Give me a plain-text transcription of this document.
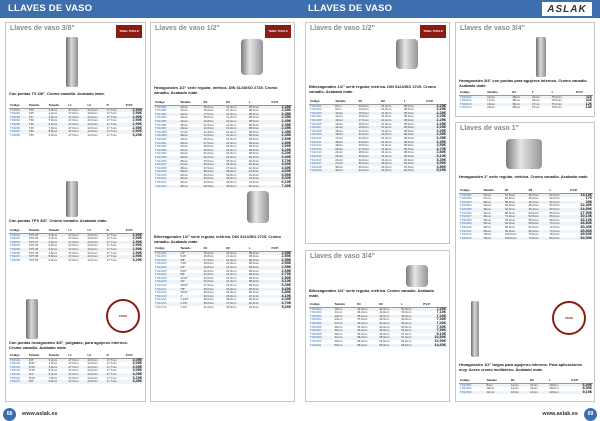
LLAVES DE VASO
Llaves de vaso 3/8"	TENG TOOLS
Con puntas TX 3/8". Cromo vanadio. Acabado mate.
Código	Tamaño	Tamaño	L1	L2	D	P.V.P.
TN3081	T20	3,9mm	47,0mm	22,0mm	17,7mm	2,90€
TN3082	T25	4,4mm	47,0mm	22,0mm	17,7mm	2,90€
TN3083	T27	4,9mm	47,0mm	22,0mm	17,7mm	2,90€
TN3084	T30	5,5mm	47,0mm	22,0mm	17,7mm	2,90€
TN3085	T40	6,6mm	47,0mm	22,0mm	17,7mm	2,90€
TN3086	T45	7,8mm	47,0mm	22,0mm	17,7mm	2,90€
TN3087	T50	8,8mm	47,0mm	22,0mm	17,7mm	2,90€
TN3088	T55	9,9mm	47,0mm	22,0mm	17,7mm	3,20€
Con puntas TPX 3/8". Cromo vanadio. Acabado mate.
Código	Tamaño	Tamaño	L1	L2	D	P.V.P.
TN3091	TPX 20	3,9mm	47,0mm	22,0mm	17,7mm	2,90€
TN3092	TPX 25	4,4mm	47,0mm	22,0mm	17,7mm	2,90€
TN3093	TPX 27	4,9mm	47,0mm	22,0mm	17,7mm	2,90€
TN3094	TPX 30	5,5mm	47,0mm	22,0mm	17,7mm	2,90€
TN3095	TPX 40	6,6mm	47,0mm	22,0mm	17,7mm	2,90€
TN3096	TPX 45	7,8mm	47,0mm	22,0mm	17,7mm	2,90€
TN3097	TPX 50	8,8mm	47,0mm	22,0mm	17,7mm	2,90€
TN3098	TPX 55	9,9mm	47,0mm	22,0mm	17,7mm	3,20€
TENG
Con puntas hexagonales 3/8", pulgadas, para agujeros internos. Cromo vanadio. Acabado mate.
Código	Tamaño	Tamaño	L1	L2	D	P.V.P.
TN3101	1/8"	3,2mm	47,0mm	22,0mm	17,7mm	3,05€
TN3102	5/32"	4,0mm	47,0mm	22,0mm	17,7mm	3,05€
TN3103	3/16"	4,8mm	47,0mm	22,0mm	17,7mm	3,05€
TN3104	7/32"	5,6mm	47,0mm	22,0mm	17,7mm	3,05€
TN3105	1/4"	6,4mm	47,0mm	22,0mm	17,7mm	3,05€
TN3106	5/16"	7,9mm	47,0mm	22,0mm	17,7mm	3,20€
TN3107	3/8"	9,5mm	47,0mm	22,0mm	17,7mm	3,45€
Llaves de vaso 1/2"	TENG TOOLS
Hexagonales 1/2" serie regular, métrica. DIN 3124/ISO 2725. Cromo vanadio. Acabado mate.
Código	Tamaño	D1	D2	L	P.V.P.
TN12081	10mm	15,0mm	21,0mm	38,0mm	2,35€
TN12082	11mm	16,0mm	21,0mm	38,0mm	2,35€
TN12083	12mm	17,0mm	21,0mm	38,0mm	2,35€
TN12084	13mm	18,0mm	21,0mm	38,0mm	2,35€
TN12085	14mm	19,8mm	21,0mm	38,0mm	2,35€
TN12086	15mm	21,0mm	21,0mm	38,0mm	2,35€
TN12087	16mm	22,0mm	21,0mm	38,0mm	2,45€
TN12088	17mm	23,4mm	21,0mm	38,0mm	2,45€
TN12089	18mm	24,0mm	21,0mm	38,0mm	2,45€
TN12090	19mm	26,0mm	21,0mm	38,0mm	2,60€
TN12091	20mm	27,0mm	21,0mm	38,0mm	2,80€
TN12092	21mm	28,0mm	24,0mm	38,0mm	2,90€
TN12093	22mm	30,0mm	24,0mm	38,0mm	3,20€
TN12094	23mm	31,0mm	24,0mm	38,0mm	3,20€
TN12095	24mm	32,0mm	24,0mm	40,0mm	3,40€
TN12096	26mm	34,0mm	25,0mm	40,0mm	3,70€
TN12097	27mm	35,0mm	26,0mm	40,0mm	4,00€
TN12098	28mm	37,0mm	27,0mm	42,0mm	4,30€
TN12099	29mm	38,0mm	28,0mm	42,0mm	4,60€
TN12100	30mm	40,0mm	30,0mm	43,0mm	4,90€
TN12101	32mm	42,0mm	32,0mm	44,0mm	5,30€
TN12102	34mm	44,0mm	34,0mm	44,0mm	6,10€
TN12103	36mm	46,0mm	36,0mm	46,0mm	7,40€
Bihexagonales 1/2" serie regular, métrica. DIN 3124/ISO 2725. Cromo vanadio. Acabado mate.
Código	Tamaño	D1	D2	L	P.V.P.
TN12201	1/4"	15,0mm	21,0mm	38,0mm	2,55€
TN12202	5/16"	15,8mm	21,0mm	38,0mm	2,55€
TN12203	3/8"	17,0mm	21,0mm	38,0mm	2,55€
TN12204	7/16"	18,0mm	21,0mm	38,0mm	2,55€
TN12205	1/2"	19,8mm	21,0mm	38,0mm	2,55€
TN12206	9/16"	22,0mm	21,0mm	38,0mm	2,65€
TN12207	5/8"	23,4mm	21,0mm	38,0mm	2,70€
TN12208	11/16"	24,0mm	21,0mm	38,0mm	2,80€
TN12209	3/4"	26,0mm	21,0mm	38,0mm	3,10€
TN12210	13/16"	27,5mm	24,0mm	38,0mm	3,30€
TN12211	7/8"	30,0mm	24,0mm	38,0mm	3,60€
TN12212	15/16"	32,0mm	24,0mm	40,0mm	3,80€
TN12213	1"	34,0mm	25,0mm	40,0mm	4,10€
TN12214	1.1/16"	36,0mm	26,0mm	40,0mm	4,40€
TN12215	1.1/8"	38,0mm	27,0mm	42,0mm	4,70€
TN12216	1.1/4"	41,0mm	30,0mm	43,0mm	5,20€
68	www.aslak.es
LLAVES DE VASO	ASLAK
Llaves de vaso 1/2"	TENG TOOLS
Bihexagonales 1/2" serie regular, métrica. DIN 3124/ISO 2725. Cromo vanadio. Acabado mate.
Código	Tamaño	D1	D2	L	P.V.P.
TN12301	8mm	13,0mm	21,0mm	38,0mm	2,25€
TN12302	9mm	14,0mm	21,0mm	38,0mm	2,25€
TN12303	10mm	15,0mm	21,0mm	38,0mm	2,25€
TN12304	11mm	16,0mm	21,0mm	38,0mm	2,25€
TN12305	12mm	17,0mm	21,0mm	38,0mm	2,25€
TN12306	13mm	18,0mm	21,0mm	38,0mm	2,25€
TN12307	14mm	19,8mm	21,0mm	38,0mm	2,25€
TN12308	15mm	21,0mm	21,0mm	38,0mm	2,25€
TN12309	16mm	22,0mm	21,0mm	38,0mm	2,35€
TN12310	17mm	23,4mm	21,0mm	38,0mm	2,35€
TN12311	18mm	24,0mm	21,0mm	38,0mm	2,35€
TN12312	19mm	26,0mm	21,0mm	38,0mm	2,50€
TN12313	20mm	27,0mm	21,0mm	38,0mm	2,70€
TN12314	21mm	28,0mm	24,0mm	38,0mm	2,80€
TN12315	22mm	30,0mm	24,0mm	38,0mm	3,10€
TN12316	24mm	32,0mm	24,0mm	40,0mm	3,30€
TN12317	27mm	35,0mm	26,0mm	40,0mm	3,90€
TN12318	30mm	40,0mm	30,0mm	43,0mm	4,80€
TN12319	32mm	42,0mm	32,0mm	44,0mm	5,20€
Llaves de vaso 3/4"
Bihexagonales 3/4" serie regular, métrica. Cromo vanadio. Acabado mate.
Código	Tamaño	D1	D2	L	P.V.P.
TN34001	19mm	32,0mm	42,0mm	50,0mm	7,00€
TN34002	21mm	34,0mm	42,0mm	50,0mm	7,10€
TN34003	22mm	35,0mm	42,0mm	50,0mm	7,20€
TN34004	24mm	37,0mm	42,0mm	50,0mm	7,30€
TN34005	27mm	40,0mm	42,0mm	50,0mm	7,40€
TN34006	30mm	44,0mm	42,0mm	52,0mm	7,60€
TN34007	32mm	46,0mm	42,0mm	54,0mm	7,90€
TN34008	36mm	52,0mm	44,0mm	57,0mm	9,10€
TN34009	41mm	58,0mm	48,0mm	61,0mm	10,80€
TN34010	46mm	64,0mm	52,0mm	64,0mm	12,90€
TN34011	50mm	68,0mm	56,0mm	68,0mm	14,60€
Llaves de vaso 3/4"
Hexagonales 3/4" con puntas para agujeros internos. Cromo vanadio. Acabado mate.
Código	Tamaño	D1	T	L	P.V.P.
TN34101	14mm	38mm	24mm	75,0mm	11€
TN34102	17mm	38mm	24mm	75,0mm	11€
TN34103	19mm	38mm	27mm	75,0mm	12€
TN34104	22mm	38mm	27mm	75,0mm	13€
Llaves de vaso 1"
Hexagonales 1" serie regular, métrica. Cromo vanadio. Acabado mate.
Código	Tamaño	D1	D2	L	P.V.P.
TN10001	24mm	51,0mm	45,2mm	62,0mm	15,10€
TN10002	27mm	54,0mm	45,2mm	62,0mm	17€
TN10003	30mm	58,0mm	45,2mm	62,0mm	20€
TN10004	32mm	60,0mm	45,2mm	63,0mm	22,40€
TN10005	36mm	64,0mm	45,2mm	63,0mm	24,90€
TN10006	41mm	68,0mm	50,0mm	65,0mm	27,90€
TN10007	46mm	74,0mm	52,0mm	66,0mm	30,10€
TN10008	50mm	78,0mm	55,0mm	68,0mm	33,10€
TN10009	55mm	84,0mm	58,0mm	70,0mm	36,80€
TN10010	60mm	90,0mm	62,0mm	72,0mm	40,40€
TN10011	65mm	96,0mm	66,0mm	74,0mm	45,80€
TN10012	70mm	102,0mm	70,0mm	78,0mm	49,60€
TN10013	75mm	108,0mm	74,0mm	80,0mm	54,90€
TENG
Hexagonales 1/2" largas para agujeros internos. Para aplicaciones muy. Acero cromo molibdeno. Acabado mate.
Código	Tamaño	D1	D2	L	P.V.P.
TN12501	8mm	14mm	21mm	100mm	6,90€
TN12502	10mm	14mm	21mm	100mm	8,50€
TN12503	12mm	16mm	21mm	100mm	9,10€
www.aslak.es	69
